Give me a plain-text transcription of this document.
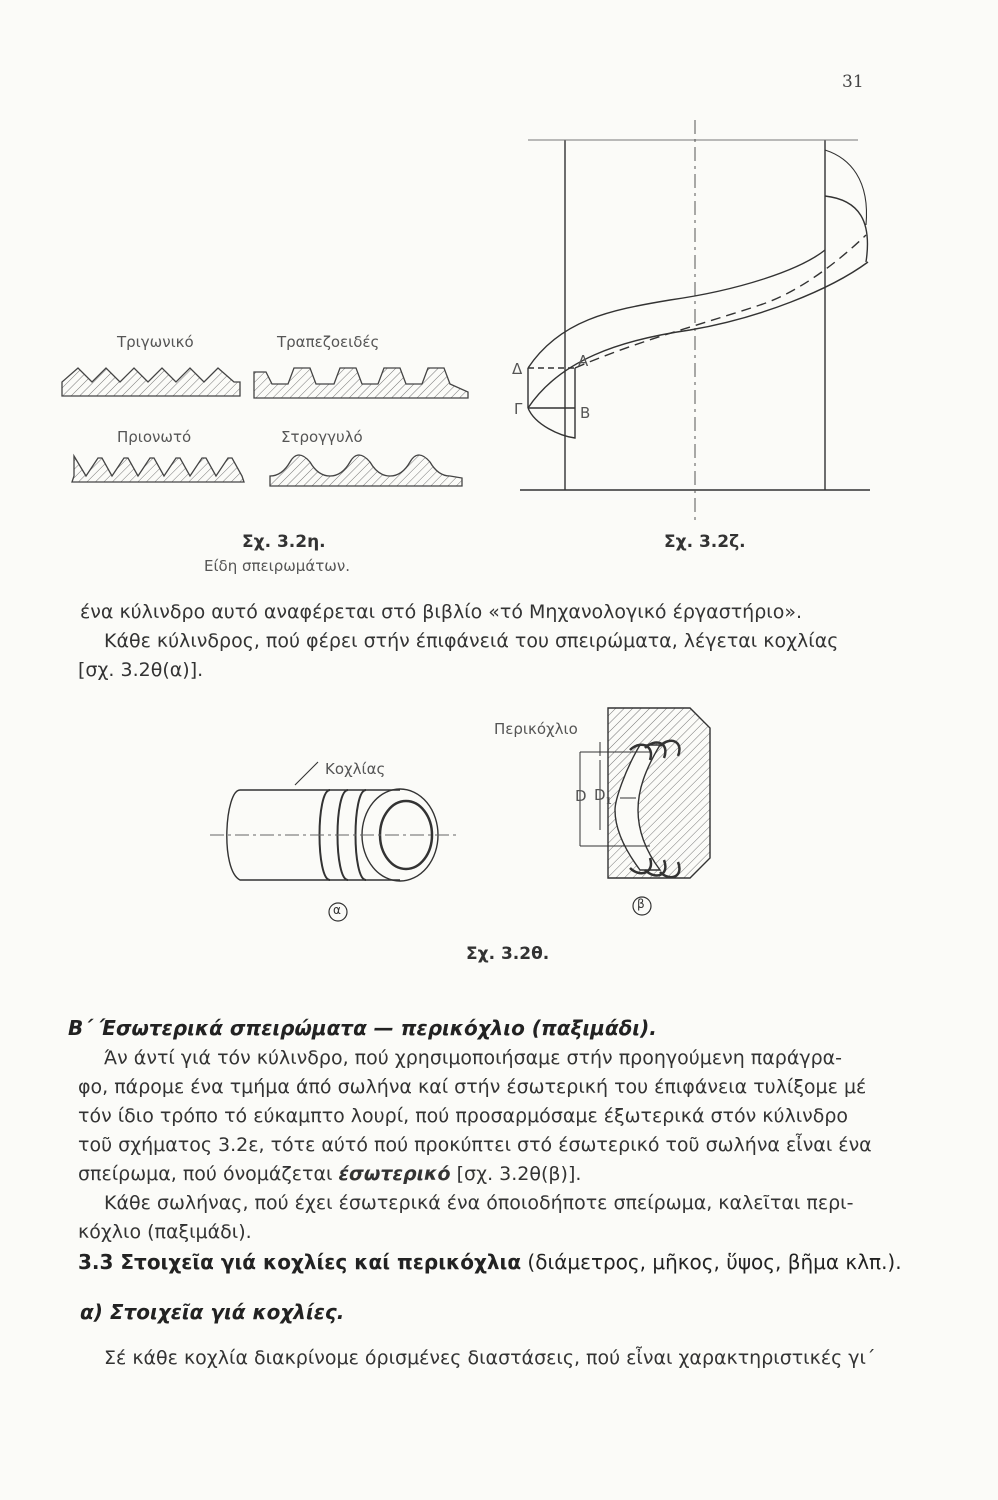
31
Τριγωνικό	Τραπεζοειδές
Πριονωτό	Στρογγυλό
Δ	Α
Γ	Β
Σχ. 3.2η.
Είδη σπειρωμάτων.
Σχ. 3.2ζ.
ένα κύλινδρο αυτό αναφέρεται στό βιβλίο «τό Μηχανολογικό έργαστήριο».
Κάθε κύλινδρος, πού φέρει στήν έπιφάνειά του σπειρώματα, λέγεται κοχλίας
[σχ. 3.2θ(α)].
Κοχλίας
Περικόχλιο
D $D_1$
α	β
Σχ. 3.2θ.
Β΄ Έσωτερικά σπειρώματα — περικόχλιο (παξιμάδι).
Άν άντί γιά τόν κύλινδρο, πού χρησιμοποιήσαμε στήν προηγούμενη παράγρα-
φο, πάρομε ένα τμήμα άπό σωλήνα καί στήν έσωτερική του έπιφάνεια τυλίξομε μέ
τόν ίδιο τρόπο τό εύκαμπτο λουρί, πού προσαρμόσαμε έξωτερικά στόν κύλινδρο
τοῦ σχήματος 3.2ε, τότε αύτό πού προκύπτει στό έσωτερικό τοῦ σωλήνα εἶναι ένα
σπείρωμα, πού όνομάζεται έσωτερικό [σχ. 3.2θ(β)].
Κάθε σωλήνας, πού έχει έσωτερικά ένα όποιοδήποτε σπείρωμα, καλεῖται περι-
κόχλιο (παξιμάδι).
3.3 Στοιχεῖα γιά κοχλίες καί περικόχλια (διάμετρος, μῆκος, ὕψος, βῆμα κλπ.).
α) Στοιχεῖα γιά κοχλίες.
Σέ κάθε κοχλία διακρίνομε όρισμένες διαστάσεις, πού εἶναι χαρακτηριστικές γι΄
